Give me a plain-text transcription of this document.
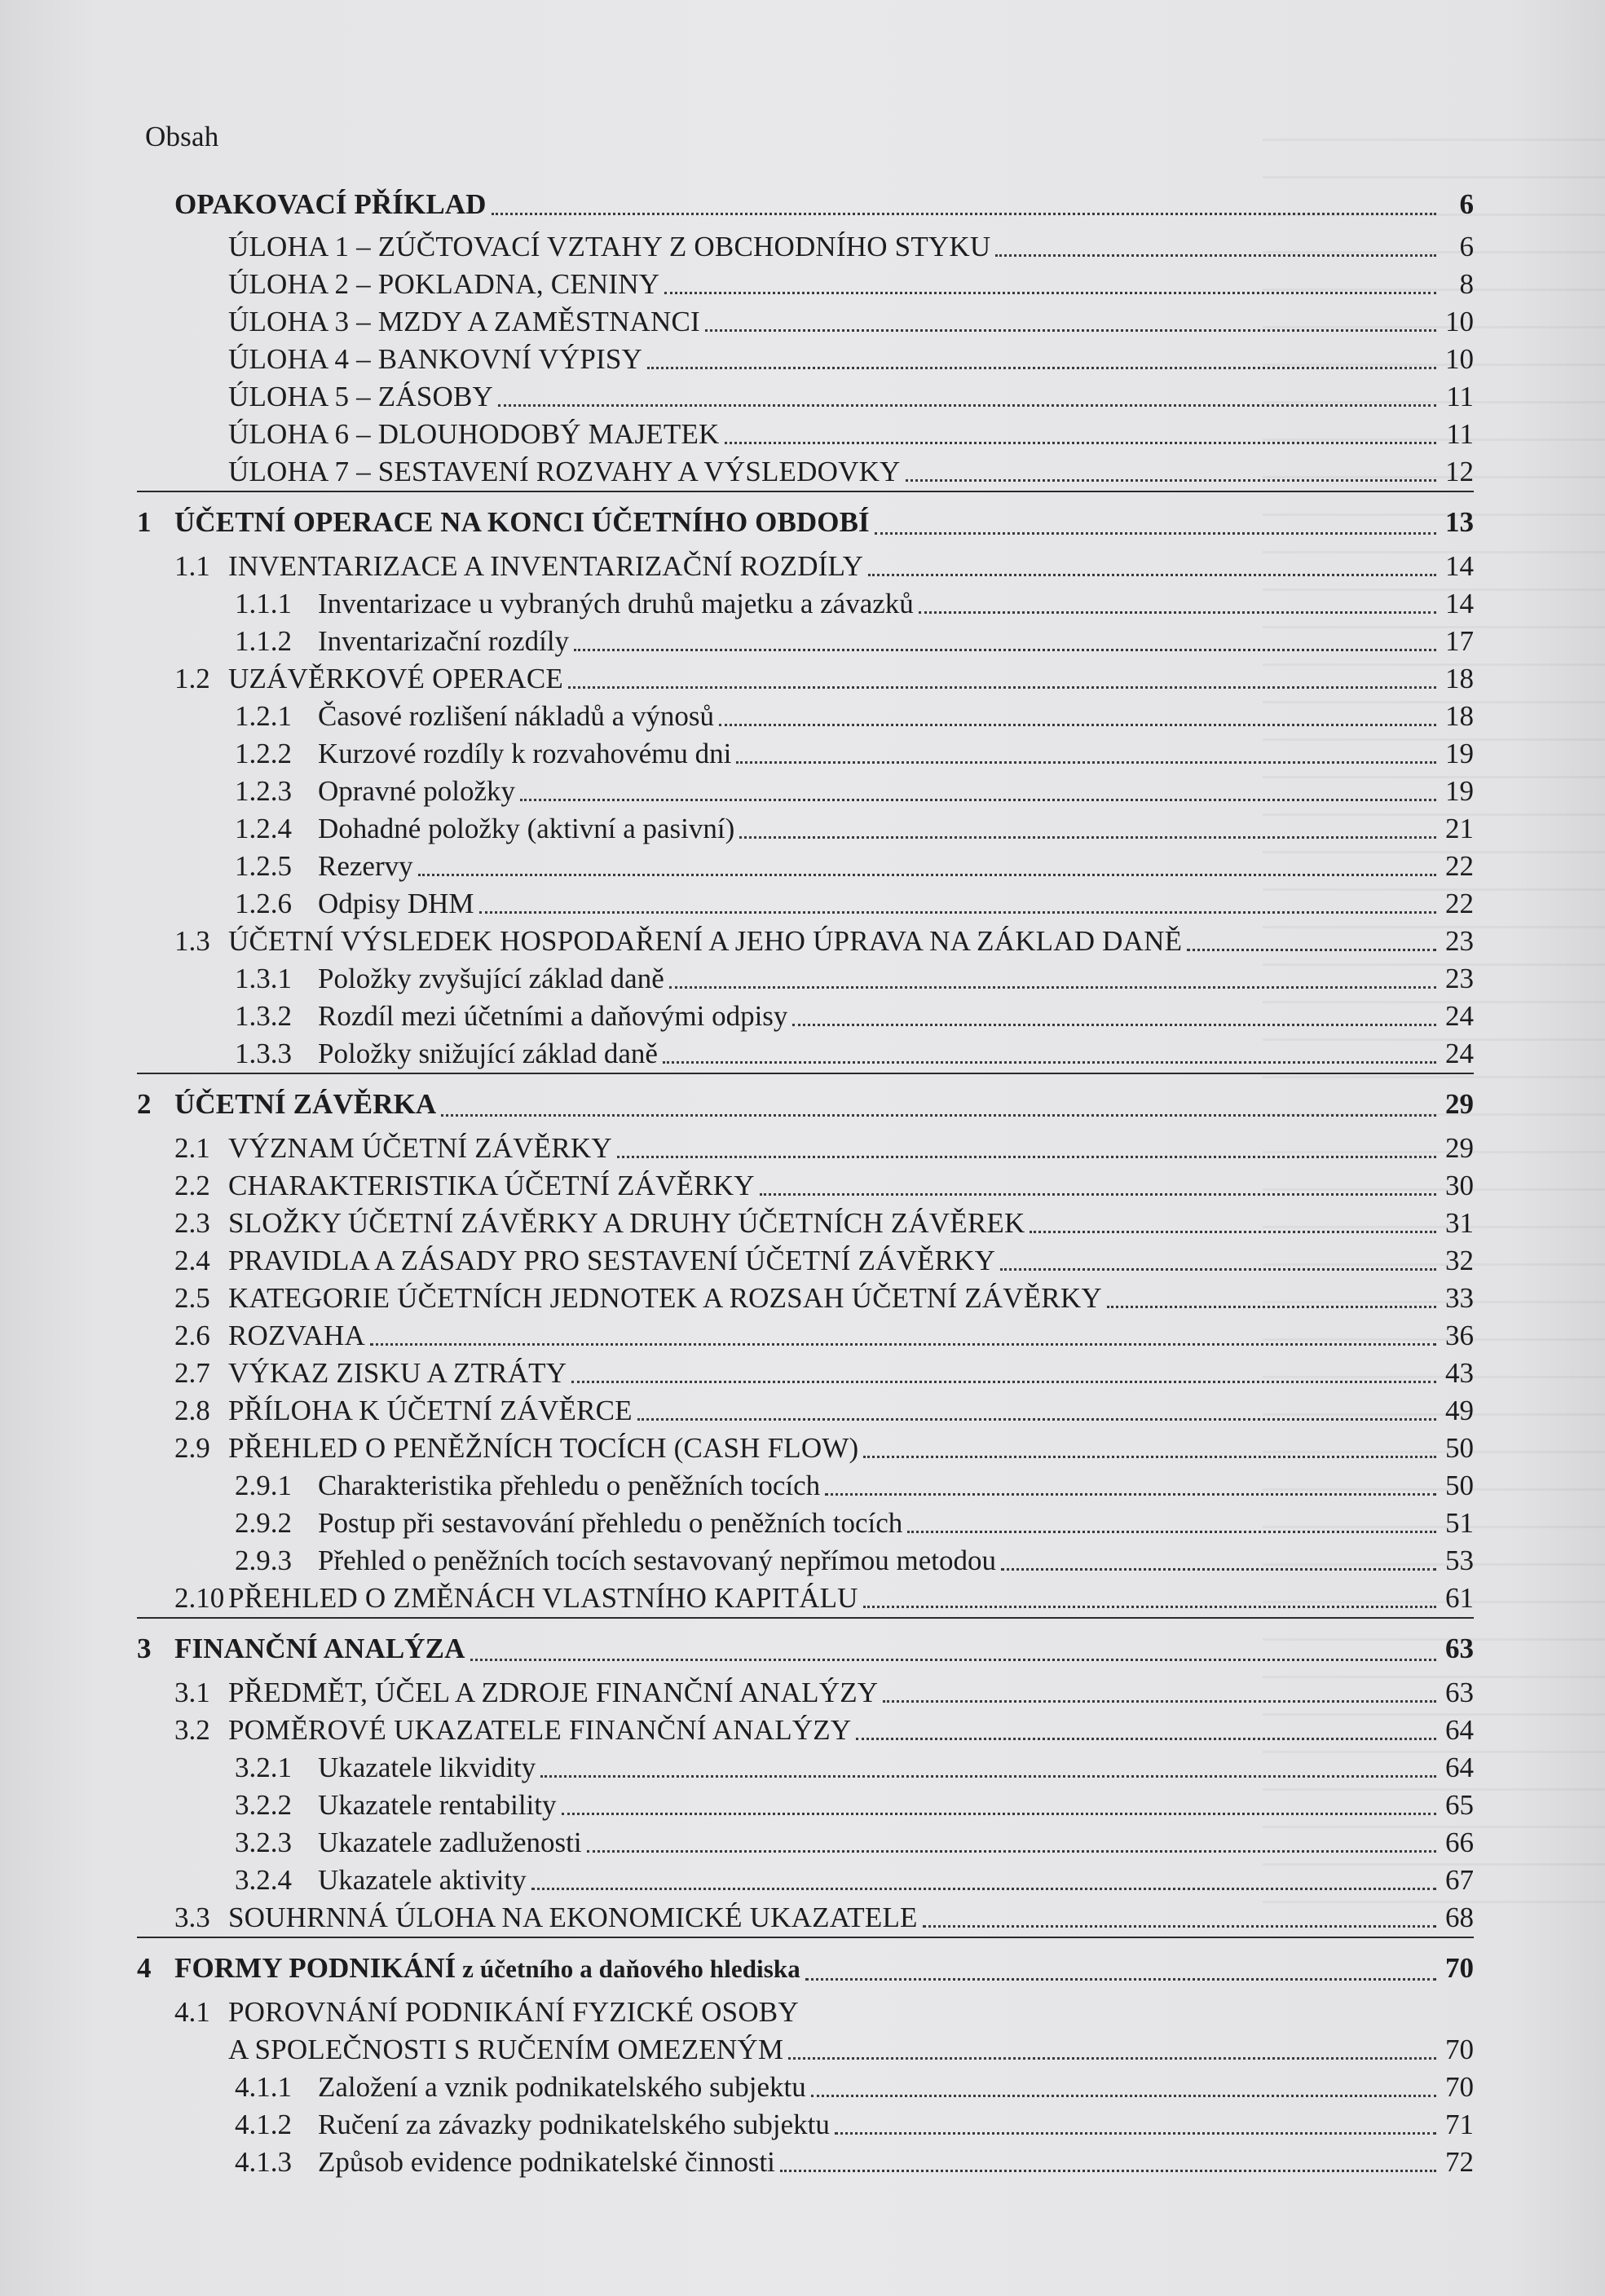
Obsah
OPAKOVACÍ PŘÍKLAD	6
ÚLOHA 1 – ZÚČTOVACÍ VZTAHY Z OBCHODNÍHO STYKU	6
ÚLOHA 2 – POKLADNA, CENINY	8
ÚLOHA 3 – MZDY A ZAMĚSTNANCI	10
ÚLOHA 4 – BANKOVNÍ VÝPISY	10
ÚLOHA 5 – ZÁSOBY	11
ÚLOHA 6 – DLOUHODOBÝ MAJETEK	11
ÚLOHA 7 – SESTAVENÍ ROZVAHY A VÝSLEDOVKY	12
1 ÚČETNÍ OPERACE NA KONCI ÚČETNÍHO OBDOBÍ	13
1.1 INVENTARIZACE A INVENTARIZAČNÍ ROZDÍLY	14
1.1.1 Inventarizace u vybraných druhů majetku a závazků	14
1.1.2 Inventarizační rozdíly	17
1.2 UZÁVĚRKOVÉ OPERACE	18
1.2.1 Časové rozlišení nákladů a výnosů	18
1.2.2 Kurzové rozdíly k rozvahovému dni	19
1.2.3 Opravné položky	19
1.2.4 Dohadné položky (aktivní a pasivní)	21
1.2.5 Rezervy	22
1.2.6 Odpisy DHM	22
1.3 ÚČETNÍ VÝSLEDEK HOSPODAŘENÍ A JEHO ÚPRAVA NA ZÁKLAD DANĚ	23
1.3.1 Položky zvyšující základ daně	23
1.3.2 Rozdíl mezi účetními a daňovými odpisy	24
1.3.3 Položky snižující základ daně	24
2 ÚČETNÍ ZÁVĚRKA	29
2.1 VÝZNAM ÚČETNÍ ZÁVĚRKY	29
2.2 CHARAKTERISTIKA ÚČETNÍ ZÁVĚRKY	30
2.3 SLOŽKY ÚČETNÍ ZÁVĚRKY A DRUHY ÚČETNÍCH ZÁVĚREK	31
2.4 PRAVIDLA A ZÁSADY PRO SESTAVENÍ ÚČETNÍ ZÁVĚRKY	32
2.5 KATEGORIE ÚČETNÍCH JEDNOTEK A ROZSAH ÚČETNÍ ZÁVĚRKY	33
2.6 ROZVAHA	36
2.7 VÝKAZ ZISKU A ZTRÁTY	43
2.8 PŘÍLOHA K ÚČETNÍ ZÁVĚRCE	49
2.9 PŘEHLED O PENĚŽNÍCH TOCÍCH (CASH FLOW)	50
2.9.1 Charakteristika přehledu o peněžních tocích	50
2.9.2 Postup při sestavování přehledu o peněžních tocích	51
2.9.3 Přehled o peněžních tocích sestavovaný nepřímou metodou	53
2.10 PŘEHLED O ZMĚNÁCH VLASTNÍHO KAPITÁLU	61
3 FINANČNÍ ANALÝZA	63
3.1 PŘEDMĚT, ÚČEL A ZDROJE FINANČNÍ ANALÝZY	63
3.2 POMĚROVÉ UKAZATELE FINANČNÍ ANALÝZY	64
3.2.1 Ukazatele likvidity	64
3.2.2 Ukazatele rentability	65
3.2.3 Ukazatele zadluženosti	66
3.2.4 Ukazatele aktivity	67
3.3 SOUHRNNÁ ÚLOHA NA EKONOMICKÉ UKAZATELE	68
4 FORMY PODNIKÁNÍ z účetního a daňového hlediska	70
4.1 POROVNÁNÍ PODNIKÁNÍ FYZICKÉ OSOBY
A SPOLEČNOSTI S RUČENÍM OMEZENÝM	70
4.1.1 Založení a vznik podnikatelského subjektu	70
4.1.2 Ručení za závazky podnikatelského subjektu	71
4.1.3 Způsob evidence podnikatelské činnosti	72
